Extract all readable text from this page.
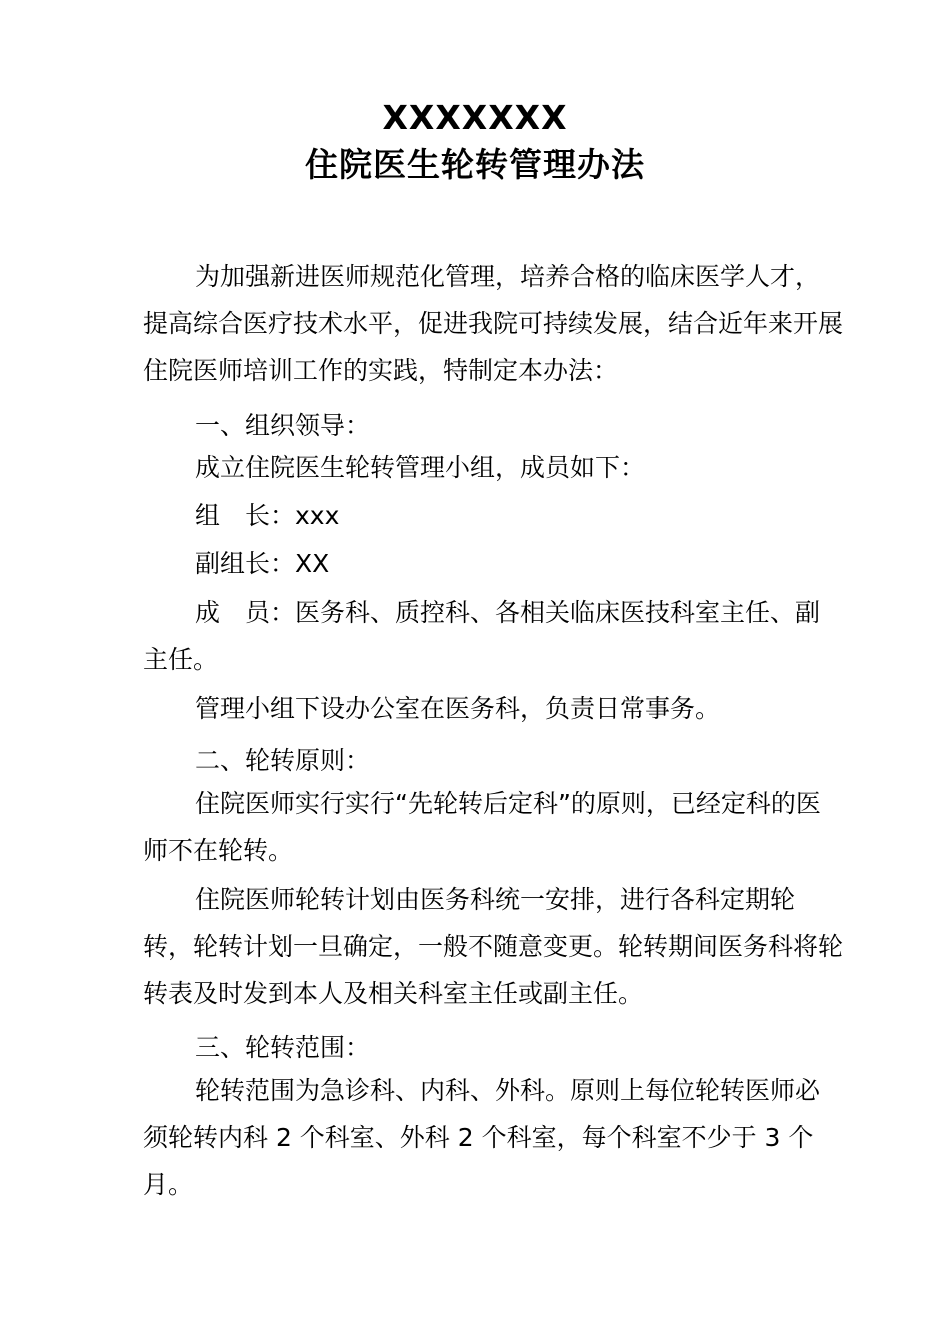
XXXXXXX
住院医生轮转管理办法

为加强新进医师规范化管理，培养合格的临床医学人才，提高综合医疗技术水平，促进我院可持续发展，结合近年来开展住院医师培训工作的实践，特制定本办法：

一、组织领导：

成立住院医生轮转管理小组，成员如下：

组　长：xxx

副组长：XX

成　员：医务科、质控科、各相关临床医技科室主任、副主任。

管理小组下设办公室在医务科，负责日常事务。

二、轮转原则：

住院医师实行实行“先轮转后定科”的原则，已经定科的医师不在轮转。

住院医师轮转计划由医务科统一安排，进行各科定期轮转，轮转计划一旦确定，一般不随意变更。轮转期间医务科将轮转表及时发到本人及相关科室主任或副主任。

三、轮转范围：

轮转范围为急诊科、内科、外科。原则上每位轮转医师必须轮转内科 2 个科室、外科 2 个科室，每个科室不少于 3 个月。
